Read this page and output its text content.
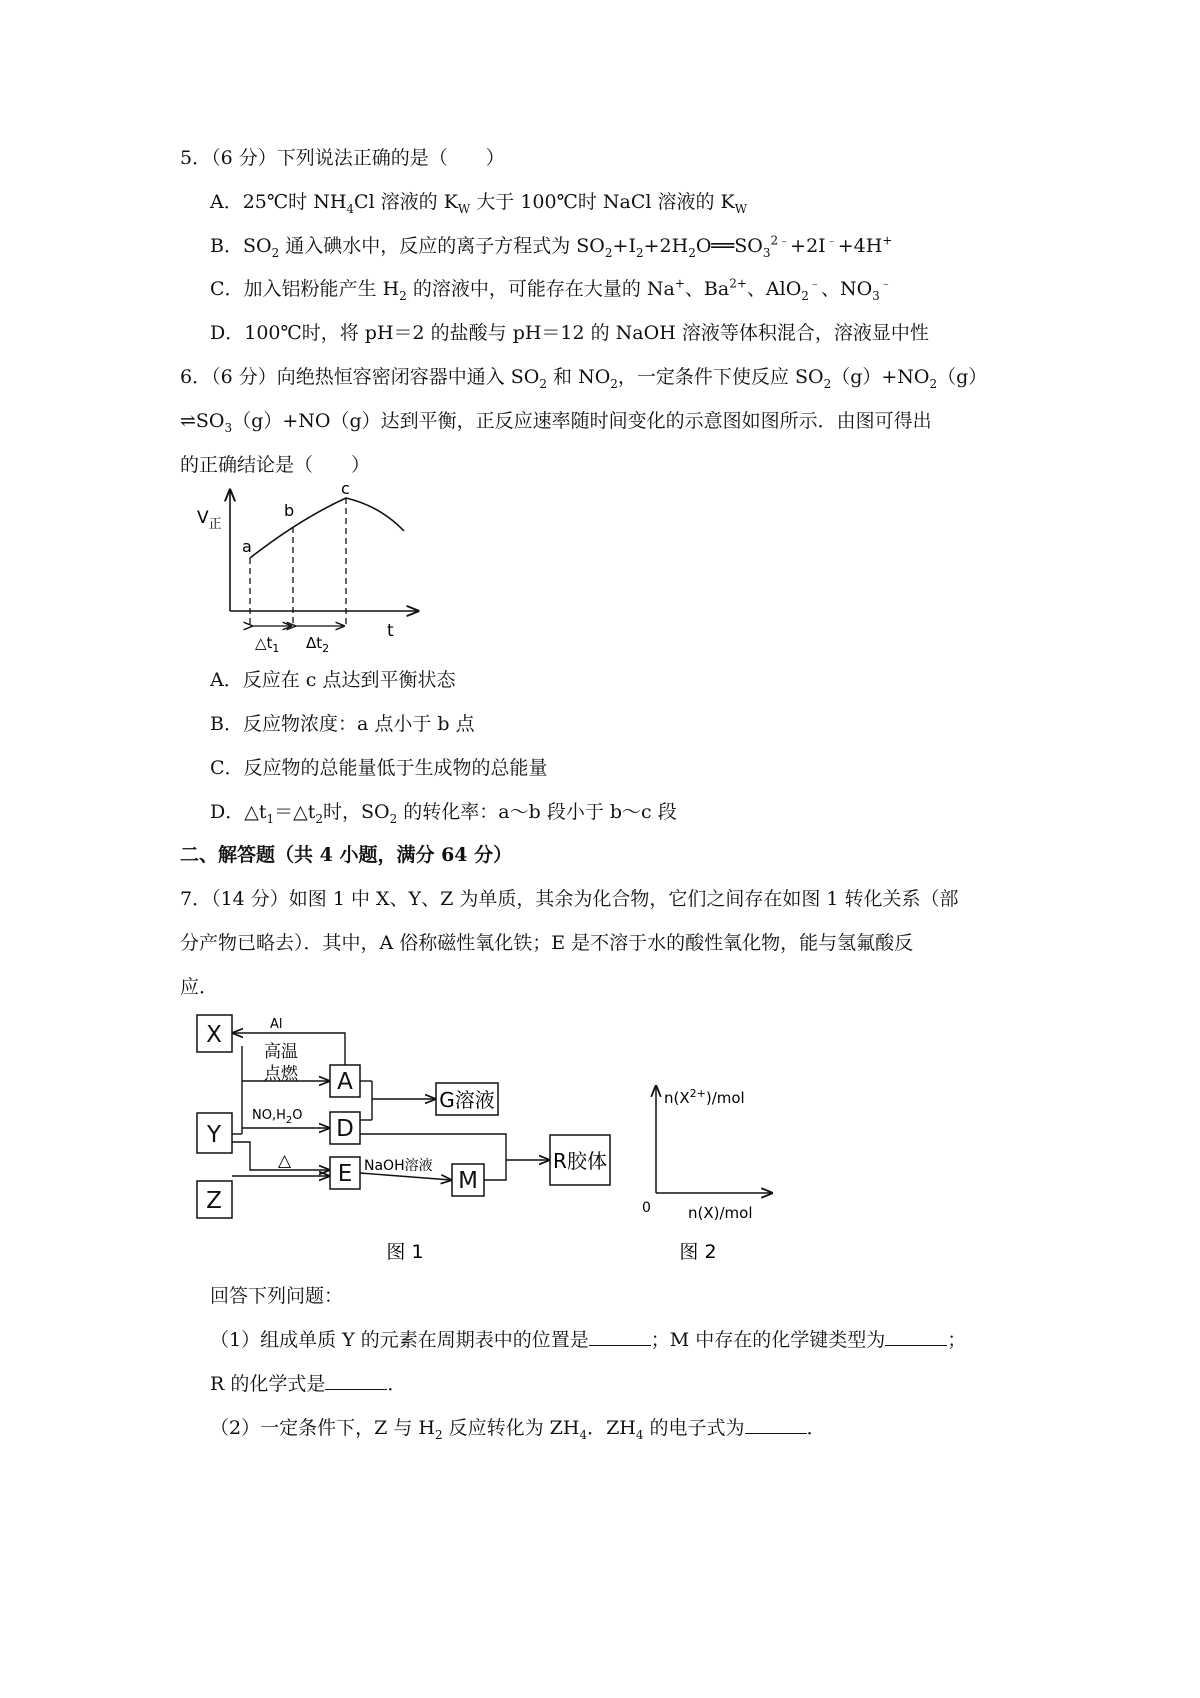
5．（6 分）下列说法正确的是（　　）
A．25℃时 $NH_4Cl$ 溶液的 $K_W$ 大于 100℃时 NaCl 溶液的 $K_W$
B．$SO_2$ 通入碘水中，反应的离子方程式为 $SO_2+I_2+2H_2O══SO_3^{2﹣}+2I^﹣+4H^+$
C．加入铝粉能产生 $H_2$ 的溶液中，可能存在大量的 Na+、$Ba^{2+}$、AlO$_2$﹣、$NO_3^﹣$
D．100℃时，将 pH＝2 的盐酸与 pH＝12 的 NaOH 溶液等体积混合，溶液显中性
6．（6 分）向绝热恒容密闭容器中通入 $SO_2$ 和 $NO_2$，一定条件下使反应 $SO_2(g)+NO_2(g)$
$\rightleftharpoons SO_3(g)+NO(g)$达到平衡，正反应速率随时间变化的示意图如图所示．由图可得出
的正确结论是（　　）
$V_正$
t
a
b
c
$\triangle t_1$ $\Delta t_2$
A．反应在 c 点达到平衡状态
B．反应物浓度：a 点小于 b 点
C．反应物的总能量低于生成物的总能量
D．$\triangle t_1=\triangle t_2$时，$SO_2$ 的转化率：a～b 段小于 b～c 段
二、解答题（共 4 小题，满分 64 分）
7．（14 分）如图 1 中 X、Y、Z 为单质，其余为化合物，它们之间存在如图 1 转化关系（部
分产物已略去）．其中，A 俗称磁性氧化铁；E 是不溶于水的酸性氧化物，能与氢氟酸反
应．
X
Y
Z
A
D
E	M
G溶液
R胶体
Al
高温
点燃
$NO,H_2O$
△	NaOH溶液
图 1
$n(X^{2+})$/mol
0 n(X)/mol
图 2
回答下列问题：
（1）组成单质 Y 的元素在周期表中的位置是	；M 中存在的化学键类型为	；
R 的化学式是	．
（2）一定条件下，Z 与 $H_2$ 反应转化为 $ZH_4$．$ZH_4$ 的电子式为	．
